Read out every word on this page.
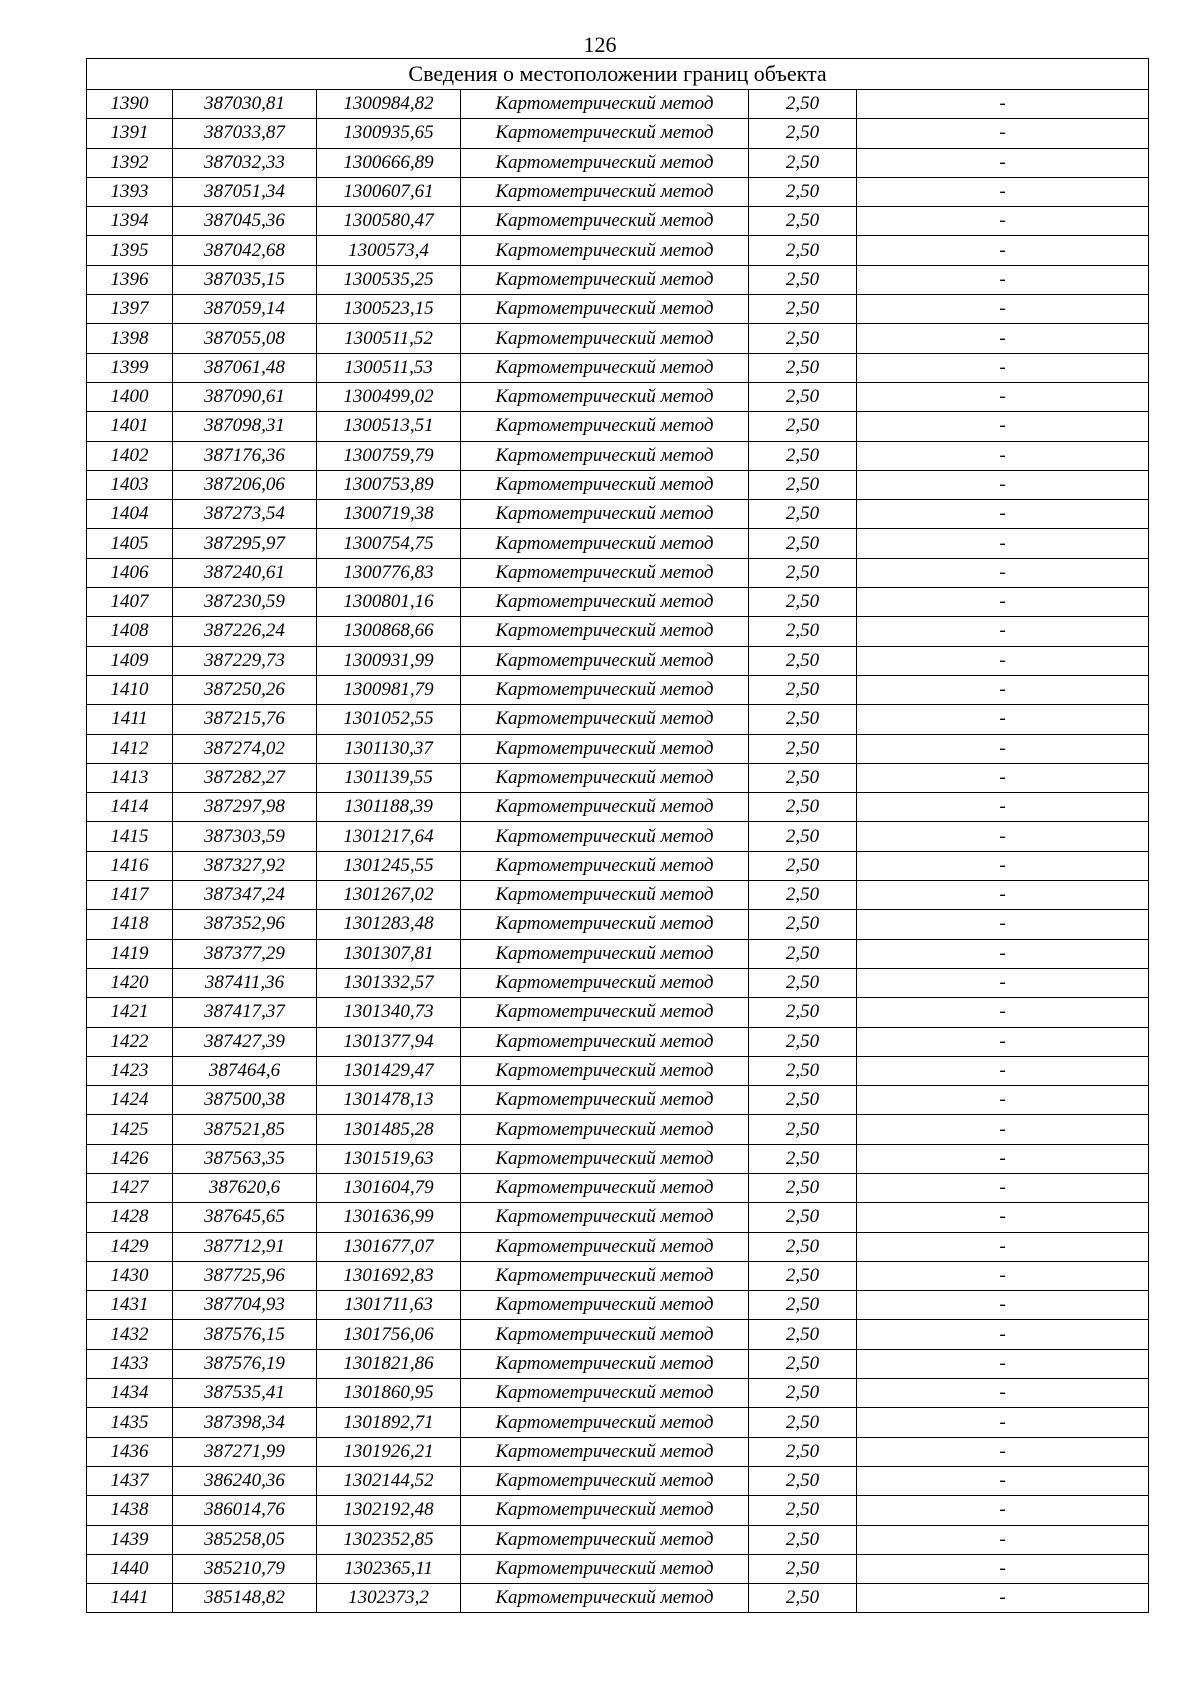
126
Сведения о местоположении границ объекта					
1390	387030,81	1300984,82	Картометрический метод	2,50	-
1391	387033,87	1300935,65	Картометрический метод	2,50	-
1392	387032,33	1300666,89	Картометрический метод	2,50	-
1393	387051,34	1300607,61	Картометрический метод	2,50	-
1394	387045,36	1300580,47	Картометрический метод	2,50	-
1395	387042,68	1300573,4	Картометрический метод	2,50	-
1396	387035,15	1300535,25	Картометрический метод	2,50	-
1397	387059,14	1300523,15	Картометрический метод	2,50	-
1398	387055,08	1300511,52	Картометрический метод	2,50	-
1399	387061,48	1300511,53	Картометрический метод	2,50	-
1400	387090,61	1300499,02	Картометрический метод	2,50	-
1401	387098,31	1300513,51	Картометрический метод	2,50	-
1402	387176,36	1300759,79	Картометрический метод	2,50	-
1403	387206,06	1300753,89	Картометрический метод	2,50	-
1404	387273,54	1300719,38	Картометрический метод	2,50	-
1405	387295,97	1300754,75	Картометрический метод	2,50	-
1406	387240,61	1300776,83	Картометрический метод	2,50	-
1407	387230,59	1300801,16	Картометрический метод	2,50	-
1408	387226,24	1300868,66	Картометрический метод	2,50	-
1409	387229,73	1300931,99	Картометрический метод	2,50	-
1410	387250,26	1300981,79	Картометрический метод	2,50	-
1411	387215,76	1301052,55	Картометрический метод	2,50	-
1412	387274,02	1301130,37	Картометрический метод	2,50	-
1413	387282,27	1301139,55	Картометрический метод	2,50	-
1414	387297,98	1301188,39	Картометрический метод	2,50	-
1415	387303,59	1301217,64	Картометрический метод	2,50	-
1416	387327,92	1301245,55	Картометрический метод	2,50	-
1417	387347,24	1301267,02	Картометрический метод	2,50	-
1418	387352,96	1301283,48	Картометрический метод	2,50	-
1419	387377,29	1301307,81	Картометрический метод	2,50	-
1420	387411,36	1301332,57	Картометрический метод	2,50	-
1421	387417,37	1301340,73	Картометрический метод	2,50	-
1422	387427,39	1301377,94	Картометрический метод	2,50	-
1423	387464,6	1301429,47	Картометрический метод	2,50	-
1424	387500,38	1301478,13	Картометрический метод	2,50	-
1425	387521,85	1301485,28	Картометрический метод	2,50	-
1426	387563,35	1301519,63	Картометрический метод	2,50	-
1427	387620,6	1301604,79	Картометрический метод	2,50	-
1428	387645,65	1301636,99	Картометрический метод	2,50	-
1429	387712,91	1301677,07	Картометрический метод	2,50	-
1430	387725,96	1301692,83	Картометрический метод	2,50	-
1431	387704,93	1301711,63	Картометрический метод	2,50	-
1432	387576,15	1301756,06	Картометрический метод	2,50	-
1433	387576,19	1301821,86	Картометрический метод	2,50	-
1434	387535,41	1301860,95	Картометрический метод	2,50	-
1435	387398,34	1301892,71	Картометрический метод	2,50	-
1436	387271,99	1301926,21	Картометрический метод	2,50	-
1437	386240,36	1302144,52	Картометрический метод	2,50	-
1438	386014,76	1302192,48	Картометрический метод	2,50	-
1439	385258,05	1302352,85	Картометрический метод	2,50	-
1440	385210,79	1302365,11	Картометрический метод	2,50	-
1441	385148,82	1302373,2	Картометрический метод	2,50	-
